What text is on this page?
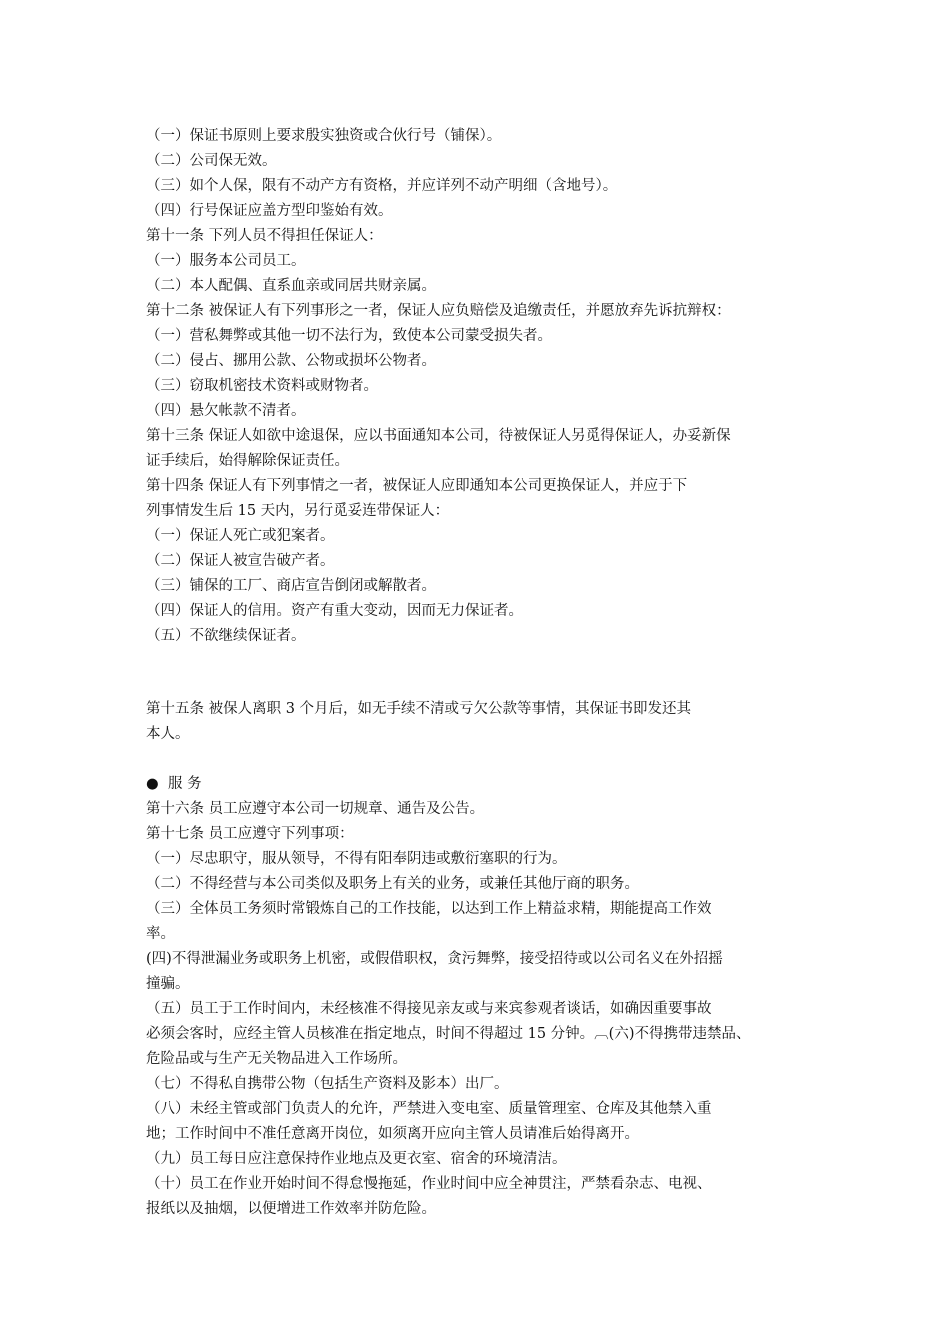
（一）保证书原则上要求殷实独资或合伙行号（铺保）。
（二）公司保无效。
（三）如个人保，限有不动产方有资格，并应详列不动产明细（含地号）。
（四）行号保证应盖方型印鉴始有效。
第十一条 下列人员不得担任保证人：
（一）服务本公司员工。
（二）本人配偶、直系血亲或同居共财亲属。
第十二条 被保证人有下列事形之一者，保证人应负赔偿及追缴责任，并愿放弃先诉抗辩权：
（一）营私舞弊或其他一切不法行为，致使本公司蒙受损失者。
（二）侵占、挪用公款、公物或损坏公物者。
（三）窃取机密技术资料或财物者。
（四）悬欠帐款不清者。
第十三条 保证人如欲中途退保，应以书面通知本公司，待被保证人另觅得保证人，办妥新保
证手续后，始得解除保证责任。
第十四条 保证人有下列事情之一者，被保证人应即通知本公司更换保证人，并应于下
列事情发生后 15 天内，另行觅妥连带保证人：
（一）保证人死亡或犯案者。
（二）保证人被宣告破产者。
（三）铺保的工厂、商店宣告倒闭或解散者。
（四）保证人的信用。资产有重大变动，因而无力保证者。
（五）不欲继续保证者。
第十五条 被保人离职 3 个月后，如无手续不清或亏欠公款等事情，其保证书即发还其
本人。
● 服 务
第十六条 员工应遵守本公司一切规章、通告及公告。
第十七条 员工应遵守下列事项：
（一）尽忠职守，服从领导，不得有阳奉阴违或敷衍塞职的行为。
（二）不得经营与本公司类似及职务上有关的业务，或兼任其他厅商的职务。
（三）全体员工务须时常锻炼自己的工作技能，以达到工作上精益求精，期能提高工作效
率。
(四)不得泄漏业务或职务上机密，或假借职权，贪污舞弊，接受招待或以公司名义在外招摇
撞骗。
（五）员工于工作时间内，未经核准不得接见亲友或与来宾参观者谈话，如确因重要事故
必须会客时，应经主管人员核准在指定地点，时间不得超过 15 分钟。︹(六)不得携带违禁品、
危险品或与生产无关物品进入工作场所。
（七）不得私自携带公物（包括生产资料及影本）出厂。
（八）未经主管或部门负责人的允许，严禁进入变电室、质量管理室、仓库及其他禁入重
地；工作时间中不准任意离开岗位，如须离开应向主管人员请准后始得离开。
（九）员工每日应注意保持作业地点及更衣室、宿舍的环境清洁。
（十）员工在作业开始时间不得怠慢拖延，作业时间中应全神贯注，严禁看杂志、电视、
报纸以及抽烟，以便增进工作效率并防危险。
